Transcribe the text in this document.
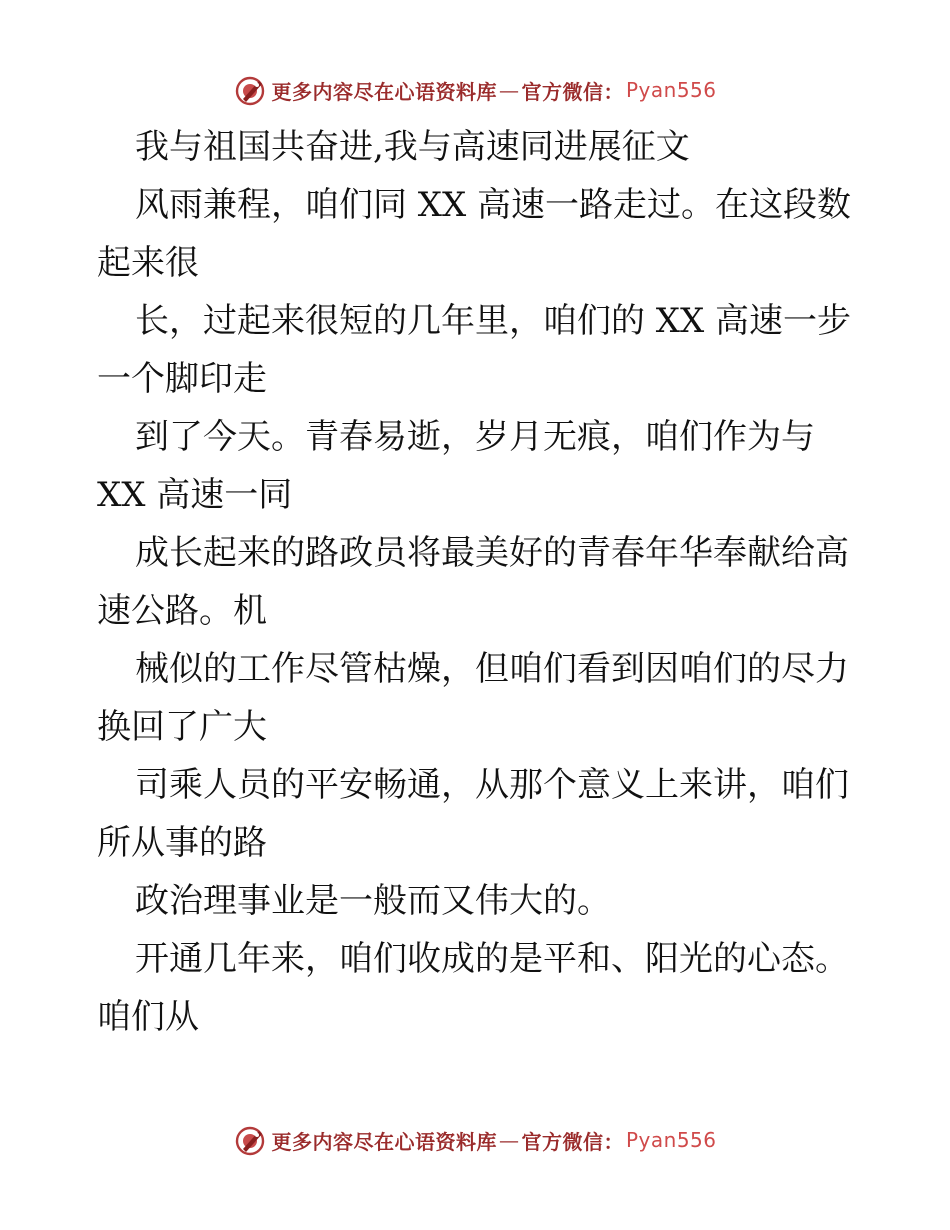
更多内容尽在心语资料库 — 官方微信： Pyan556

我与祖国共奋进,我与高速同进展征文

风雨兼程，咱们同 XX 高速一路走过。在这段数

起来很

长，过起来很短的几年里，咱们的 XX 高速一步

一个脚印走

到了今天。青春易逝，岁月无痕，咱们作为与

XX 高速一同

成长起来的路政员将最美好的青春年华奉献给高

速公路。机

械似的工作尽管枯燥，但咱们看到因咱们的尽力

换回了广大

司乘人员的平安畅通，从那个意义上来讲，咱们

所从事的路

政治理事业是一般而又伟大的。

开通几年来，咱们收成的是平和、阳光的心态。

咱们从

更多内容尽在心语资料库 — 官方微信： Pyan556
